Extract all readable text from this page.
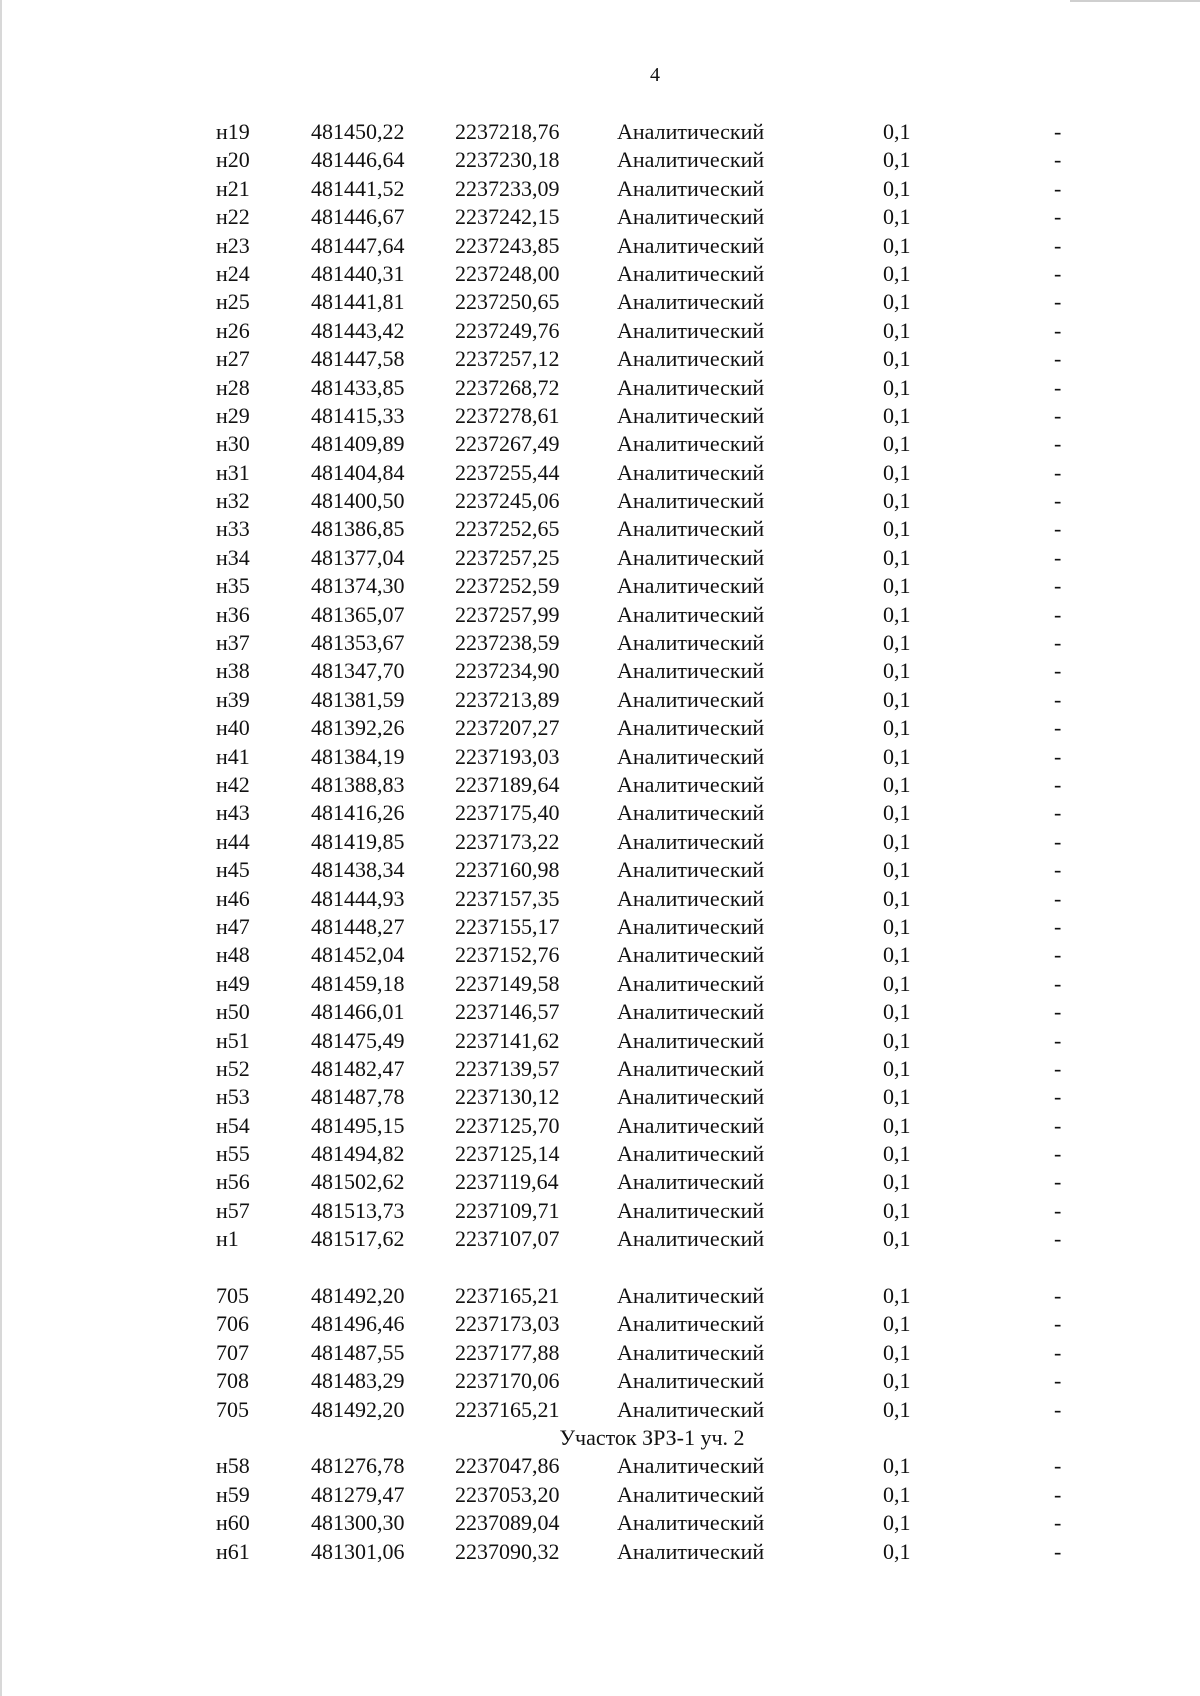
4
н19	481450,22 2237218,76	Аналитический	0,1	-
н20	481446,64 2237230,18	Аналитический	0,1	-
н21	481441,52 2237233,09	Аналитический	0,1	-
н22	481446,67 2237242,15	Аналитический	0,1	-
н23	481447,64 2237243,85	Аналитический	0,1	-
н24	481440,31 2237248,00	Аналитический	0,1	-
н25	481441,81 2237250,65	Аналитический	0,1	-
н26	481443,42 2237249,76	Аналитический	0,1	-
н27	481447,58 2237257,12	Аналитический	0,1	-
н28	481433,85 2237268,72	Аналитический	0,1	-
н29	481415,33 2237278,61	Аналитический	0,1	-
н30	481409,89 2237267,49	Аналитический	0,1	-
н31	481404,84 2237255,44	Аналитический	0,1	-
н32	481400,50 2237245,06	Аналитический	0,1	-
н33	481386,85 2237252,65	Аналитический	0,1	-
н34	481377,04 2237257,25	Аналитический	0,1	-
н35	481374,30 2237252,59	Аналитический	0,1	-
н36	481365,07 2237257,99	Аналитический	0,1	-
н37	481353,67 2237238,59	Аналитический	0,1	-
н38	481347,70 2237234,90	Аналитический	0,1	-
н39	481381,59 2237213,89	Аналитический	0,1	-
н40	481392,26 2237207,27	Аналитический	0,1	-
н41	481384,19 2237193,03	Аналитический	0,1	-
н42	481388,83 2237189,64	Аналитический	0,1	-
н43	481416,26 2237175,40	Аналитический	0,1	-
н44	481419,85 2237173,22	Аналитический	0,1	-
н45	481438,34 2237160,98	Аналитический	0,1	-
н46	481444,93 2237157,35	Аналитический	0,1	-
н47	481448,27 2237155,17	Аналитический	0,1	-
н48	481452,04 2237152,76	Аналитический	0,1	-
н49	481459,18 2237149,58	Аналитический	0,1	-
н50	481466,01 2237146,57	Аналитический	0,1	-
н51	481475,49 2237141,62	Аналитический	0,1	-
н52	481482,47 2237139,57	Аналитический	0,1	-
н53	481487,78 2237130,12	Аналитический	0,1	-
н54	481495,15 2237125,70	Аналитический	0,1	-
н55	481494,82 2237125,14	Аналитический	0,1	-
н56	481502,62 2237119,64	Аналитический	0,1	-
н57	481513,73 2237109,71	Аналитический	0,1	-
н1	481517,62 2237107,07	Аналитический	0,1	-
705	481492,20 2237165,21	Аналитический	0,1	-
706	481496,46 2237173,03	Аналитический	0,1	-
707	481487,55 2237177,88	Аналитический	0,1	-
708	481483,29 2237170,06	Аналитический	0,1	-
705	481492,20 2237165,21	Аналитический	0,1	-
Участок ЗРЗ-1 уч. 2
н58	481276,78 2237047,86	Аналитический	0,1	-
н59	481279,47 2237053,20	Аналитический	0,1	-
н60	481300,30 2237089,04	Аналитический	0,1	-
н61	481301,06 2237090,32	Аналитический	0,1	-
